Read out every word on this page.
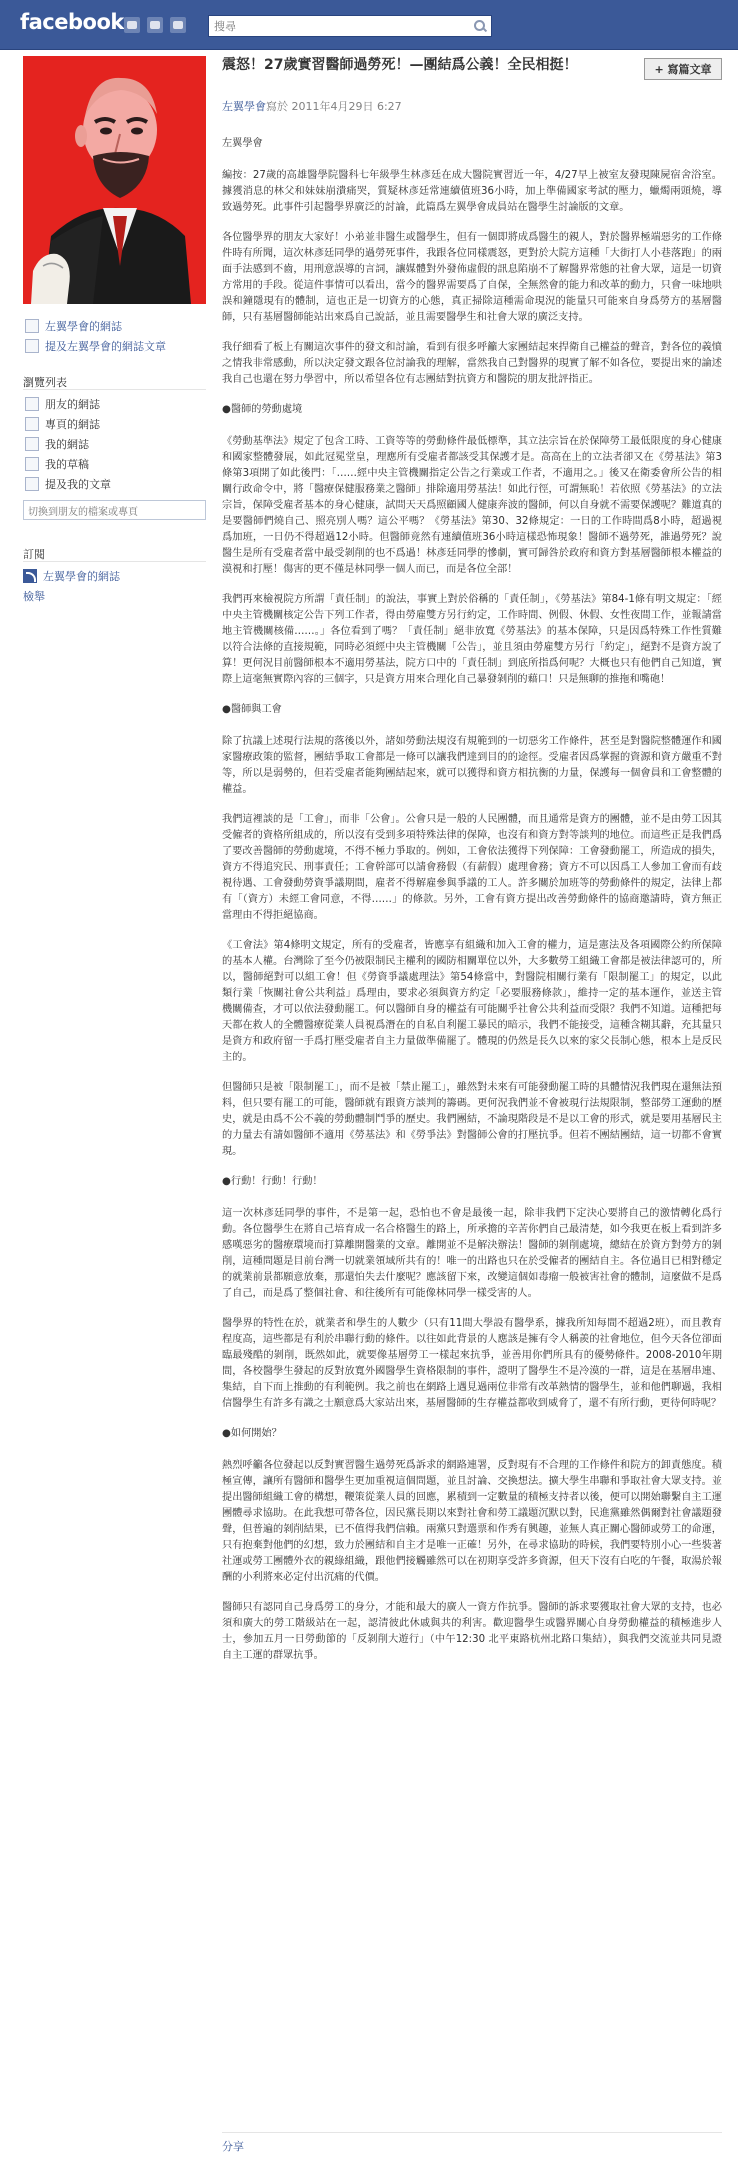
facebook
搜尋
左翼學會的網誌
提及左翼學會的網誌文章
瀏覽列表
朋友的網誌
專頁的網誌
我的網誌
我的草稿
提及我的文章
切換到朋友的檔案或專頁
訂閱
左翼學會的網誌
檢舉
震怒！27歲實習醫師過勞死！—團結爲公義！全民相挺！	+ 寫篇文章
左翼學會寫於 2011年4月29日 6:27

左翼學會

編按：27歲的高雄醫學院醫科七年級學生林彥廷在成大醫院實習近一年，4/27早上被室友發現陳屍宿舍浴室。據獲消息的林父和妹妹崩潰痛哭，質疑林彥廷常連續值班36小時，加上準備國家考試的壓力，蠟燭兩頭燒，導致過勞死。此事件引起醫學界廣泛的討論，此篇爲左翼學會成員站在醫學生討論版的文章。

各位醫學界的朋友大家好！小弟並非醫生或醫學生，但有一個即將成爲醫生的親人，對於醫界極端惡劣的工作條件時有所聞，這次林彥廷同學的過勞死事件，我跟各位同樣震怒，更對於大院方這種「大街打人小巷落跑」的兩面手法感到不齒，用刑意誤導的言詞，讓媒體對外發佈虛假的訊息陷崩不了解醫界常態的社會大眾，這是一切資方常用的手段。從這件事情可以看出，當今的醫界需要爲了自保，全無然會的能力和改革的動力，只會一味地哄誤和鐘隱現有的體制，這也正是一切資方的心態，真正掃除這種需命現況的能量只可能來自身爲勞方的基層醫師，只有基層醫師能站出來爲自己說話，並且需要醫學生和社會大眾的廣泛支持。

我仔細看了板上有關這次事件的發文和討論，看到有很多呼籲大家團結起來捍衛自己權益的聲音，對各位的義憤之情我非常感動，所以決定發文跟各位討論我的理解，當然我自己對醫界的現實了解不如各位，要提出來的論述我自己也還在努力學習中，所以希望各位有志團結對抗資方和醫院的朋友批評指正。

●醫師的勞動處境

《勞動基準法》規定了包含工時、工資等等的勞動條件最低標準，其立法宗旨在於保障勞工最低限度的身心健康和國家整體發展，如此冠冕堂皇，理應所有受雇者都該受其保護才是。高高在上的立法者卻又在《勞基法》第3條第3項開了如此後門：「……經中央主管機關指定公告之行業或工作者，不適用之。」後又在衛委會所公告的相關行政命令中，將「醫療保健服務業之醫師」排除適用勞基法！如此行徑，可謂無恥！若依照《勞基法》的立法宗旨，保障受雇者基本的身心健康，試問天天爲照顧國人健康奔波的醫師，何以自身就不需要保護呢？難道真的是要醫師們燒自己、照亮別人嗎？這公平嗎？《勞基法》第30、32條規定：一日的工作時間爲8小時，超過視爲加班，一日仍不得超過12小時。但醫師竟然有連續值班36小時這樣恐怖現象！醫師不過勞死，誰過勞死？說醫生是所有受雇者當中最受剝削的也不爲過！林彥廷同學的慘劇，實可歸咎於政府和資方對基層醫師根本權益的漠視和打壓！傷害的更不僅是林同學一個人而已，而是各位全部！

我們再來檢視院方所謂「責任制」的說法，事實上對於俗稱的「責任制」，《勞基法》第84-1條有明文規定：「經中央主管機關核定公告下列工作者，得由勞雇雙方另行約定，工作時間、例假、休假、女性夜間工作，並報請當地主管機關核備……。」各位看到了嗎？「責任制」絕非放寬《勞基法》的基本保障，只是因爲特殊工作性質難以符合法條的直接規範，同時必須經中央主管機關「公告」，並且須由勞雇雙方另行「約定」，絕對不是資方說了算！更何況目前醫師根本不適用勞基法，院方口中的「責任制」到底所指爲何呢？大概也只有他們自己知道，實際上這毫無實際內容的三個字，只是資方用來合理化自己暴發剝削的藉口！只是無聊的推拖和嘴砲！

●醫師與工會

除了抗議上述現行法規的落後以外，諸如勞動法規沒有規範到的一切惡劣工作條件，甚至是對醫院整體運作和國家醫療政策的監督，團結爭取工會都是一條可以讓我們達到目的的途徑。受雇者因爲掌握的資源和資方嚴重不對等，所以是弱勢的，但若受雇者能夠團結起來，就可以獲得和資方相抗衡的力量，保護每一個會員和工會整體的權益。

我們這裡談的是「工會」，而非「公會」。公會只是一般的人民團體，而且通常是資方的團體，並不是由勞工因其受僱者的資格所組成的，所以沒有受到多項特殊法律的保障，也沒有和資方對等談判的地位。而這些正是我們爲了要改善醫師的勞動處境，不得不極力爭取的。例如，工會依法獲得下列保障：工會發動罷工，所造成的損失，資方不得追究民、刑事責任；工會幹部可以請會務假（有薪假）處理會務；資方不可以因爲工人參加工會而有歧視待遇、工會發動勞資爭議期間，雇者不得解雇參與爭議的工人。許多關於加班等的勞動條件的規定，法律上都有「（資方）未經工會同意，不得……」的條款。另外，工會有資方提出改善勞動條件的協商邀請時，資方無正當理由不得拒絕協商。

《工會法》第4條明文規定，所有的受雇者，皆應享有組織和加入工會的權力，這是憲法及各項國際公約所保障的基本人權。台灣除了至今仍被限制民主權利的國防相關單位以外，大多數勞工組織工會都是被法律認可的，所以，醫師絕對可以組工會！但《勞資爭議處理法》第54條當中，對醫院相關行業有「限制罷工」的規定，以此類行業「恢關社會公共利益」爲理由，要求必須與資方約定「必要服務條款」，維持一定的基本運作，並送主管機關備查，才可以依法發動罷工。何以醫師自身的權益有可能關乎社會公共利益而受限？我們不知道。這種把每天都在救人的全體醫療從業人員視爲潛在的自私自利罷工暴民的暗示，我們不能接受，這種含糊其辭，充其量只是資方和政府留一手爲打壓受雇者自主力量做準備罷了。體現的仍然是長久以來的家父長制心態，根本上是反民主的。

但醫師只是被「限制罷工」，而不是被「禁止罷工」，雖然對未來有可能發動罷工時的具體情況我們現在還無法預料，但只要有罷工的可能，醫師就有跟資方談判的籌碼。更何況我們並不會被現行法規限制，整部勞工運動的歷史，就是由爲不公不義的勞動體制鬥爭的歷史。我們團結，不論現階段是不是以工會的形式，就是要用基層民主的力量去有請如醫師不適用《勞基法》和《勞爭法》對醫師公會的打壓抗爭。但若不團結團結，這一切都不會實現。

●行動！行動！行動！

這一次林彥廷同學的事件，不是第一起，恐怕也不會是最後一起，除非我們下定決心要將自己的激情轉化爲行動。各位醫學生在將自己培育成一名合格醫生的路上，所承擔的辛苦你們自己最清楚，如今我更在板上看到許多感嘆惡劣的醫療環境而打算離開醫業的文章。離開並不是解決辦法！醫師的剝削處境，總結在於資方對勞方的剝削，這種問題是目前台灣一切就業領域所共有的！唯一的出路也只在於受僱者的團結自主。各位過目已相對穩定的就業前景都願意放棄，那還怕失去什麼呢？應該留下來，改變這個如毒瘤一般被害社會的體制，這麼做不是爲了自己，而是爲了整個社會、和往後所有可能像林同學一樣受害的人。

醫學界的特性在於，就業者和學生的人數少（只有11間大學設有醫學系，據我所知每間不超過2班），而且教育程度高，這些都是有利於串聯行動的條件。以往如此背景的人應該是擁有令人稱羨的社會地位，但今天各位卻面臨最殘酷的剝削，既然如此，就要像基層勞工一樣起來抗爭，並善用你們所具有的優勢條件。2008-2010年期間，各校醫學生發起的反對放寬外國醫學生資格限制的事件，證明了醫學生不是冷漠的一群，這是在基層串連、集結，自下而上推動的有利範例。我之前也在網路上遇見過兩位非常有改革熱情的醫學生，並和他們聊過，我相信醫學生有許多有識之士願意爲大家站出來，基層醫師的生存權益都收到威脅了，還不有所行動，更待何時呢？

●如何開始？

熱烈呼籲各位發起以反對實習醫生過勞死爲訴求的網路連署，反對現有不合理的工作條件和院方的卸責態度。積極宣傳，讓所有醫師和醫學生更加重視這個問題，並且討論、交換想法。擴大學生串聯和爭取社會大眾支持。並提出醫師組織工會的構想，鞭策從業人員的回應，累積到一定數量的積極支持者以後，便可以開始聯繫自主工運團體尋求協助。在此我想可帶各位，因民黨長期以來對社會和勞工議題沉默以對，民進黨雖然偶爾對社會議題發聲，但普遍的剝削結果，已不值得我們信賴。兩黨只對選票和作秀有興趣，並無人真正關心醫師或勞工的命運，只有抱棄對他們的幻想，致力於團結和自主才是唯一正確！另外，在尋求協助的時候，我們要特別小心一些裝著社運或勞工團體外衣的親綠組織，跟他們接觸雖然可以在初期享受許多資源，但天下沒有白吃的午餐，取湯於報酬的小利將來必定付出沉痛的代價。

醫師只有認同自己身爲勞工的身分，才能和最大的廣人一資方作抗爭。醫師的訴求要獲取社會大眾的支持，也必須和廣大的勞工階級站在一起，認清彼此休戚與共的利害。歡迎醫學生或醫界關心自身勞動權益的積極進步人士，參加五月一日勞動節的「反剝削大遊行」（中午12:30 北平東路杭州北路口集結），與我們交流並共同見證自主工運的群眾抗爭。

分享
